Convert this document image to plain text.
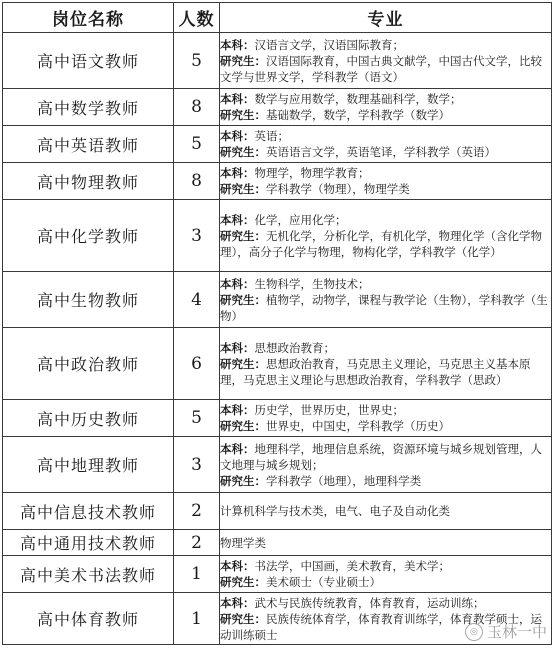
岗位名称	人数	专业
高中语文教师	5	本科：汉语言文学，汉语国际教育；
研究生：汉语国际教育，中国古典文献学，中国古代文学，比较文学与世界文学，学科教学（语文）

高中数学教师	8	本科：数学与应用数学，数理基础科学，数学；
研究生：基础数学，数学，学科教学（数学）

高中英语教师	5	本科：英语；
研究生：英语语言文学，英语笔译，学科教学（英语）

高中物理教师	8	本科：物理学，物理学教育；
研究生：学科教学（物理），物理学类

高中化学教师	3	本科：化学，应用化学；
研究生：无机化学，分析化学，有机化学，物理化学（含化学物理），高分子化学与物理，物构化学，学科教学（化学）

高中生物教师	4	本科：生物科学，生物技术；
研究生：植物学，动物学，课程与教学论（生物），学科教学（生物）

高中政治教师	6	本科：思想政治教育；
研究生：思想政治教育，马克思主义理论，马克思主义基本原理，马克思主义理论与思想政治教育，学科教学（思政）

高中历史教师	5	本科：历史学，世界历史，世界史；
研究生：世界史，中国史，学科教学（历史）

高中地理教师	3	本科：地理科学，地理信息系统，资源环境与城乡规划管理，人文地理与城乡规划；
研究生：学科教学（地理），地理科学类

高中信息技术教师	2	计算机科学与技术类，电气、电子及自动化类
高中通用技术教师	2	物理学类
高中美术书法教师	1	本科：书法学，中国画，美术教育，美术学；
研究生：美术硕士（专业硕士）

高中体育教师	1	本科：武术与民族传统教育，体育教育，运动训练；
研究生：民族传统体育学，体育教育训练学，体育教学硕士，运动训练硕士	◎ 玉林一中
